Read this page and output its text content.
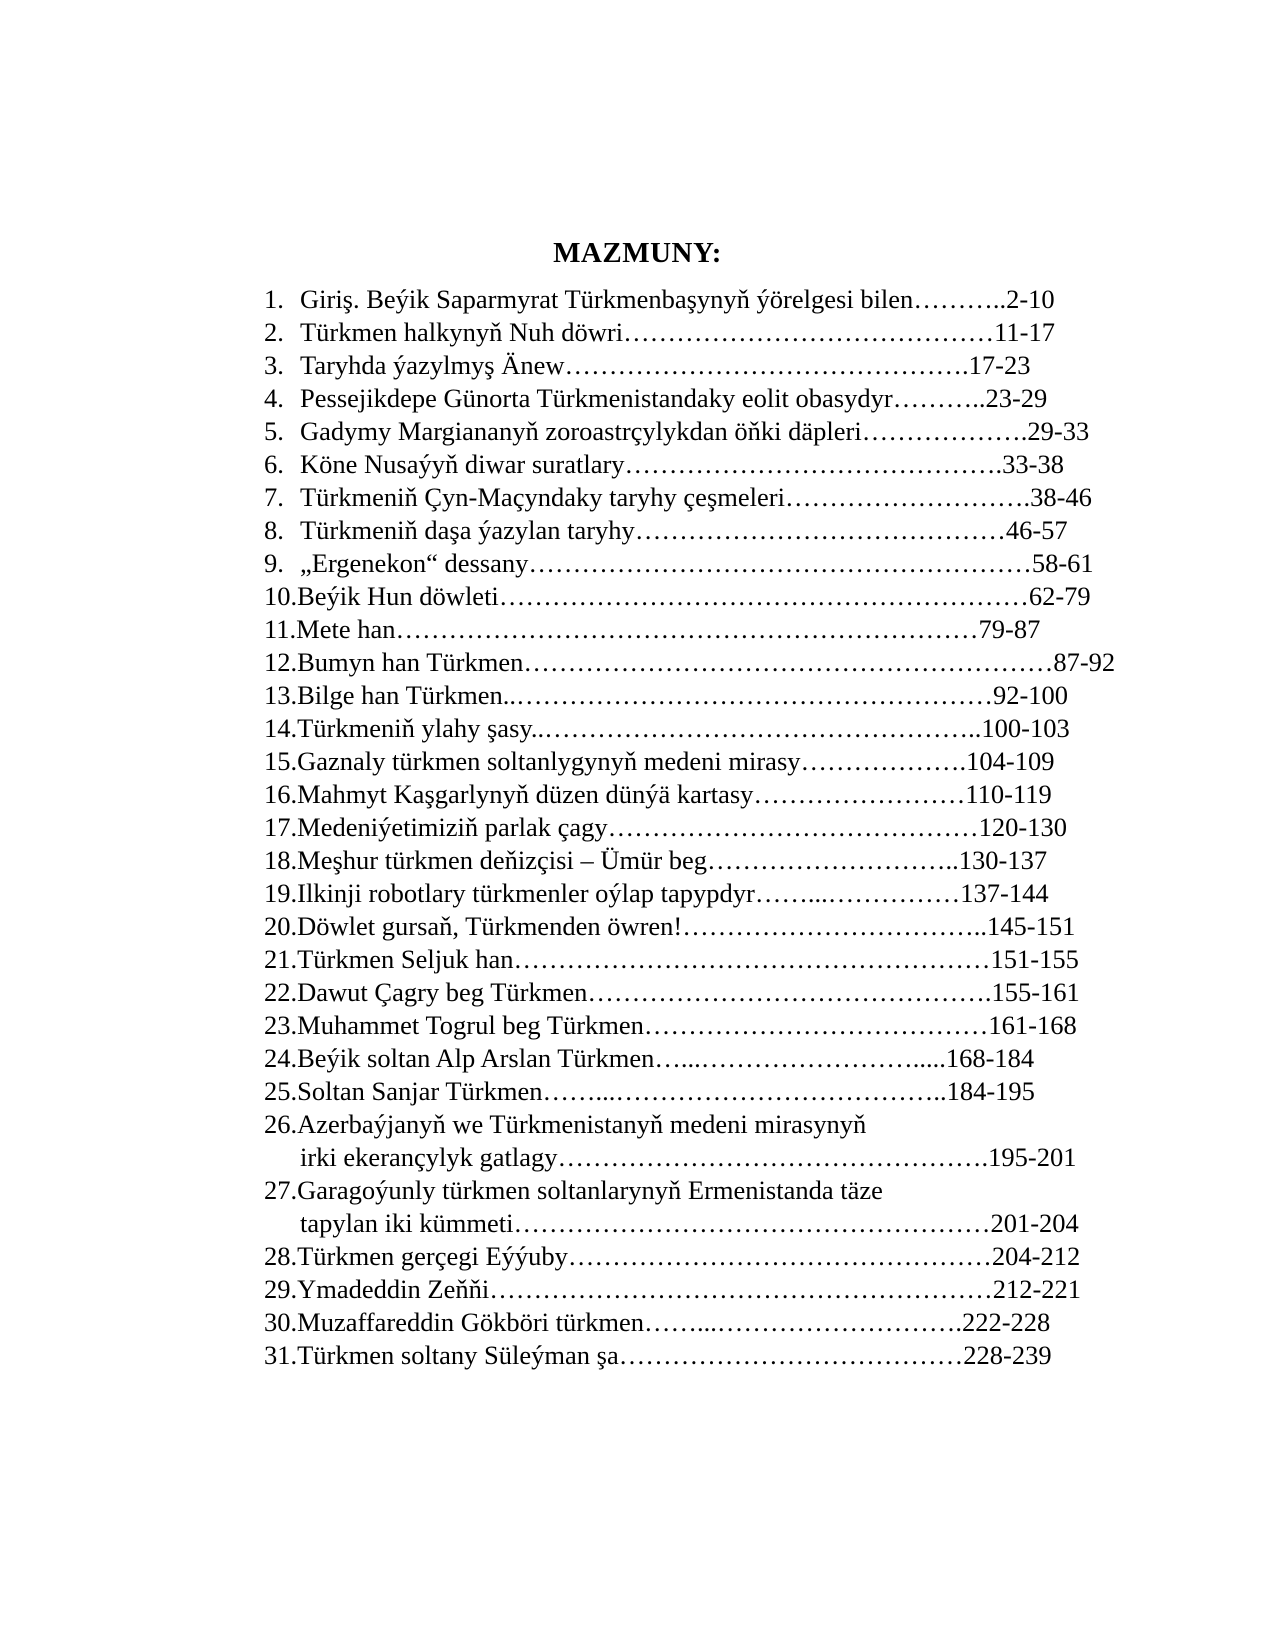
MAZMUNY:
1. Giriş. Beýik Saparmyrat Türkmenbaşynyň ýörelgesi bilen………..2-10
2. Türkmen halkynyň Nuh döwri……………………………………11-17
3. Taryhda ýazylmyş Änew……………………………………….17-23
4. Pessejikdepe Günorta Türkmenistandaky eolit obasydyr………..23-29
5. Gadymy Margiananyň zoroastrçylykdan öňki däpleri……………….29-33
6. Köne Nusaýyň diwar suratlary…………………………………….33-38
7. Türkmeniň Çyn-Maçyndaky taryhy çeşmeleri……………………….38-46
8. Türkmeniň daşa ýazylan taryhy……………………………………46-57
9. „Ergenekon“ dessany…………………………………………………58-61
10.Beýik Hun döwleti……………………………………………………62-79
11.Mete han…………………………………………………………79-87
12.Bumyn han Türkmen……………………………………………………87-92
13.Bilge han Türkmen..………………………………………………92-100
14.Türkmeniň ylahy şasy..…………………………………………..100-103
15.Gaznaly türkmen soltanlygynyň medeni mirasy……………….104-109
16.Mahmyt Kaşgarlynyň düzen dünýä kartasy……………………110-119
17.Medeniýetimiziň parlak çagy……………………………………120-130
18.Meşhur türkmen deňizçisi – Ümür beg………………………..130-137
19.Ilkinji robotlary türkmenler oýlap tapypdyr……...……………137-144
20.Döwlet gursaň, Türkmenden öwren!……………………………..145-151
21.Türkmen Seljuk han………………………………………………151-155
22.Dawut Çagry beg Türkmen……………………………………….155-161
23.Muhammet Togrul beg Türkmen…………………………………161-168
24.Beýik soltan Alp Arslan Türkmen…...…………………….....168-184
25.Soltan Sanjar Türkmen……...………………………………..184-195
26.Azerbaýjanyň we Türkmenistanyň medeni mirasynyň
irki ekerançylyk gatlagy………………………………………….195-201
27.Garagoýunly türkmen soltanlarynyň Ermenistanda täze
tapylan iki kümmeti………………………………………………201-204
28.Türkmen gerçegi Eýýuby…………………………………………204-212
29.Ymadeddin Zeňňi…………………………………………………212-221
30.Muzaffareddin Gökböri türkmen……...……………………….222-228
31.Türkmen soltany Süleýman şa…………………………………228-239
